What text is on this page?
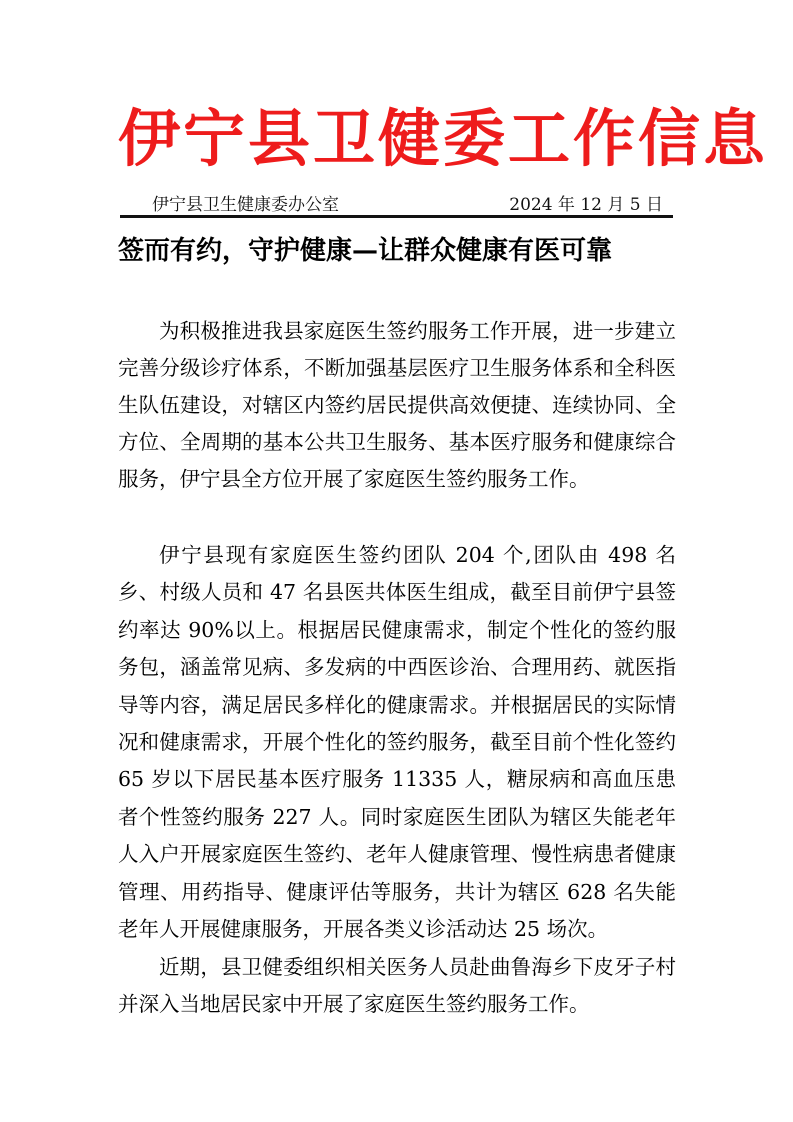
伊宁县卫健委工作信息
伊宁县卫生健康委办公室	2024 年 12 月 5 日
签而有约，守护健康—让群众健康有医可靠

为积极推进我县家庭医生签约服务工作开展，进一步建立完善分级诊疗体系，不断加强基层医疗卫生服务体系和全科医生队伍建设，对辖区内签约居民提供高效便捷、连续协同、全方位、全周期的基本公共卫生服务、基本医疗服务和健康综合服务，伊宁县全方位开展了家庭医生签约服务工作。

伊宁县现有家庭医生签约团队 204 个,团队由 498 名乡、村级人员和 47 名县医共体医生组成，截至目前伊宁县签约率达 90%以上。根据居民健康需求，制定个性化的签约服务包，涵盖常见病、多发病的中西医诊治、合理用药、就医指导等内容，满足居民多样化的健康需求。并根据居民的实际情况和健康需求，开展个性化的签约服务，截至目前个性化签约 65 岁以下居民基本医疗服务 11335 人，糖尿病和高血压患者个性签约服务 227 人。同时家庭医生团队为辖区失能老年人入户开展家庭医生签约、老年人健康管理、慢性病患者健康管理、用药指导、健康评估等服务，共计为辖区 628 名失能老年人开展健康服务，开展各类义诊活动达 25 场次。

近期，县卫健委组织相关医务人员赴曲鲁海乡下皮牙子村并深入当地居民家中开展了家庭医生签约服务工作。
